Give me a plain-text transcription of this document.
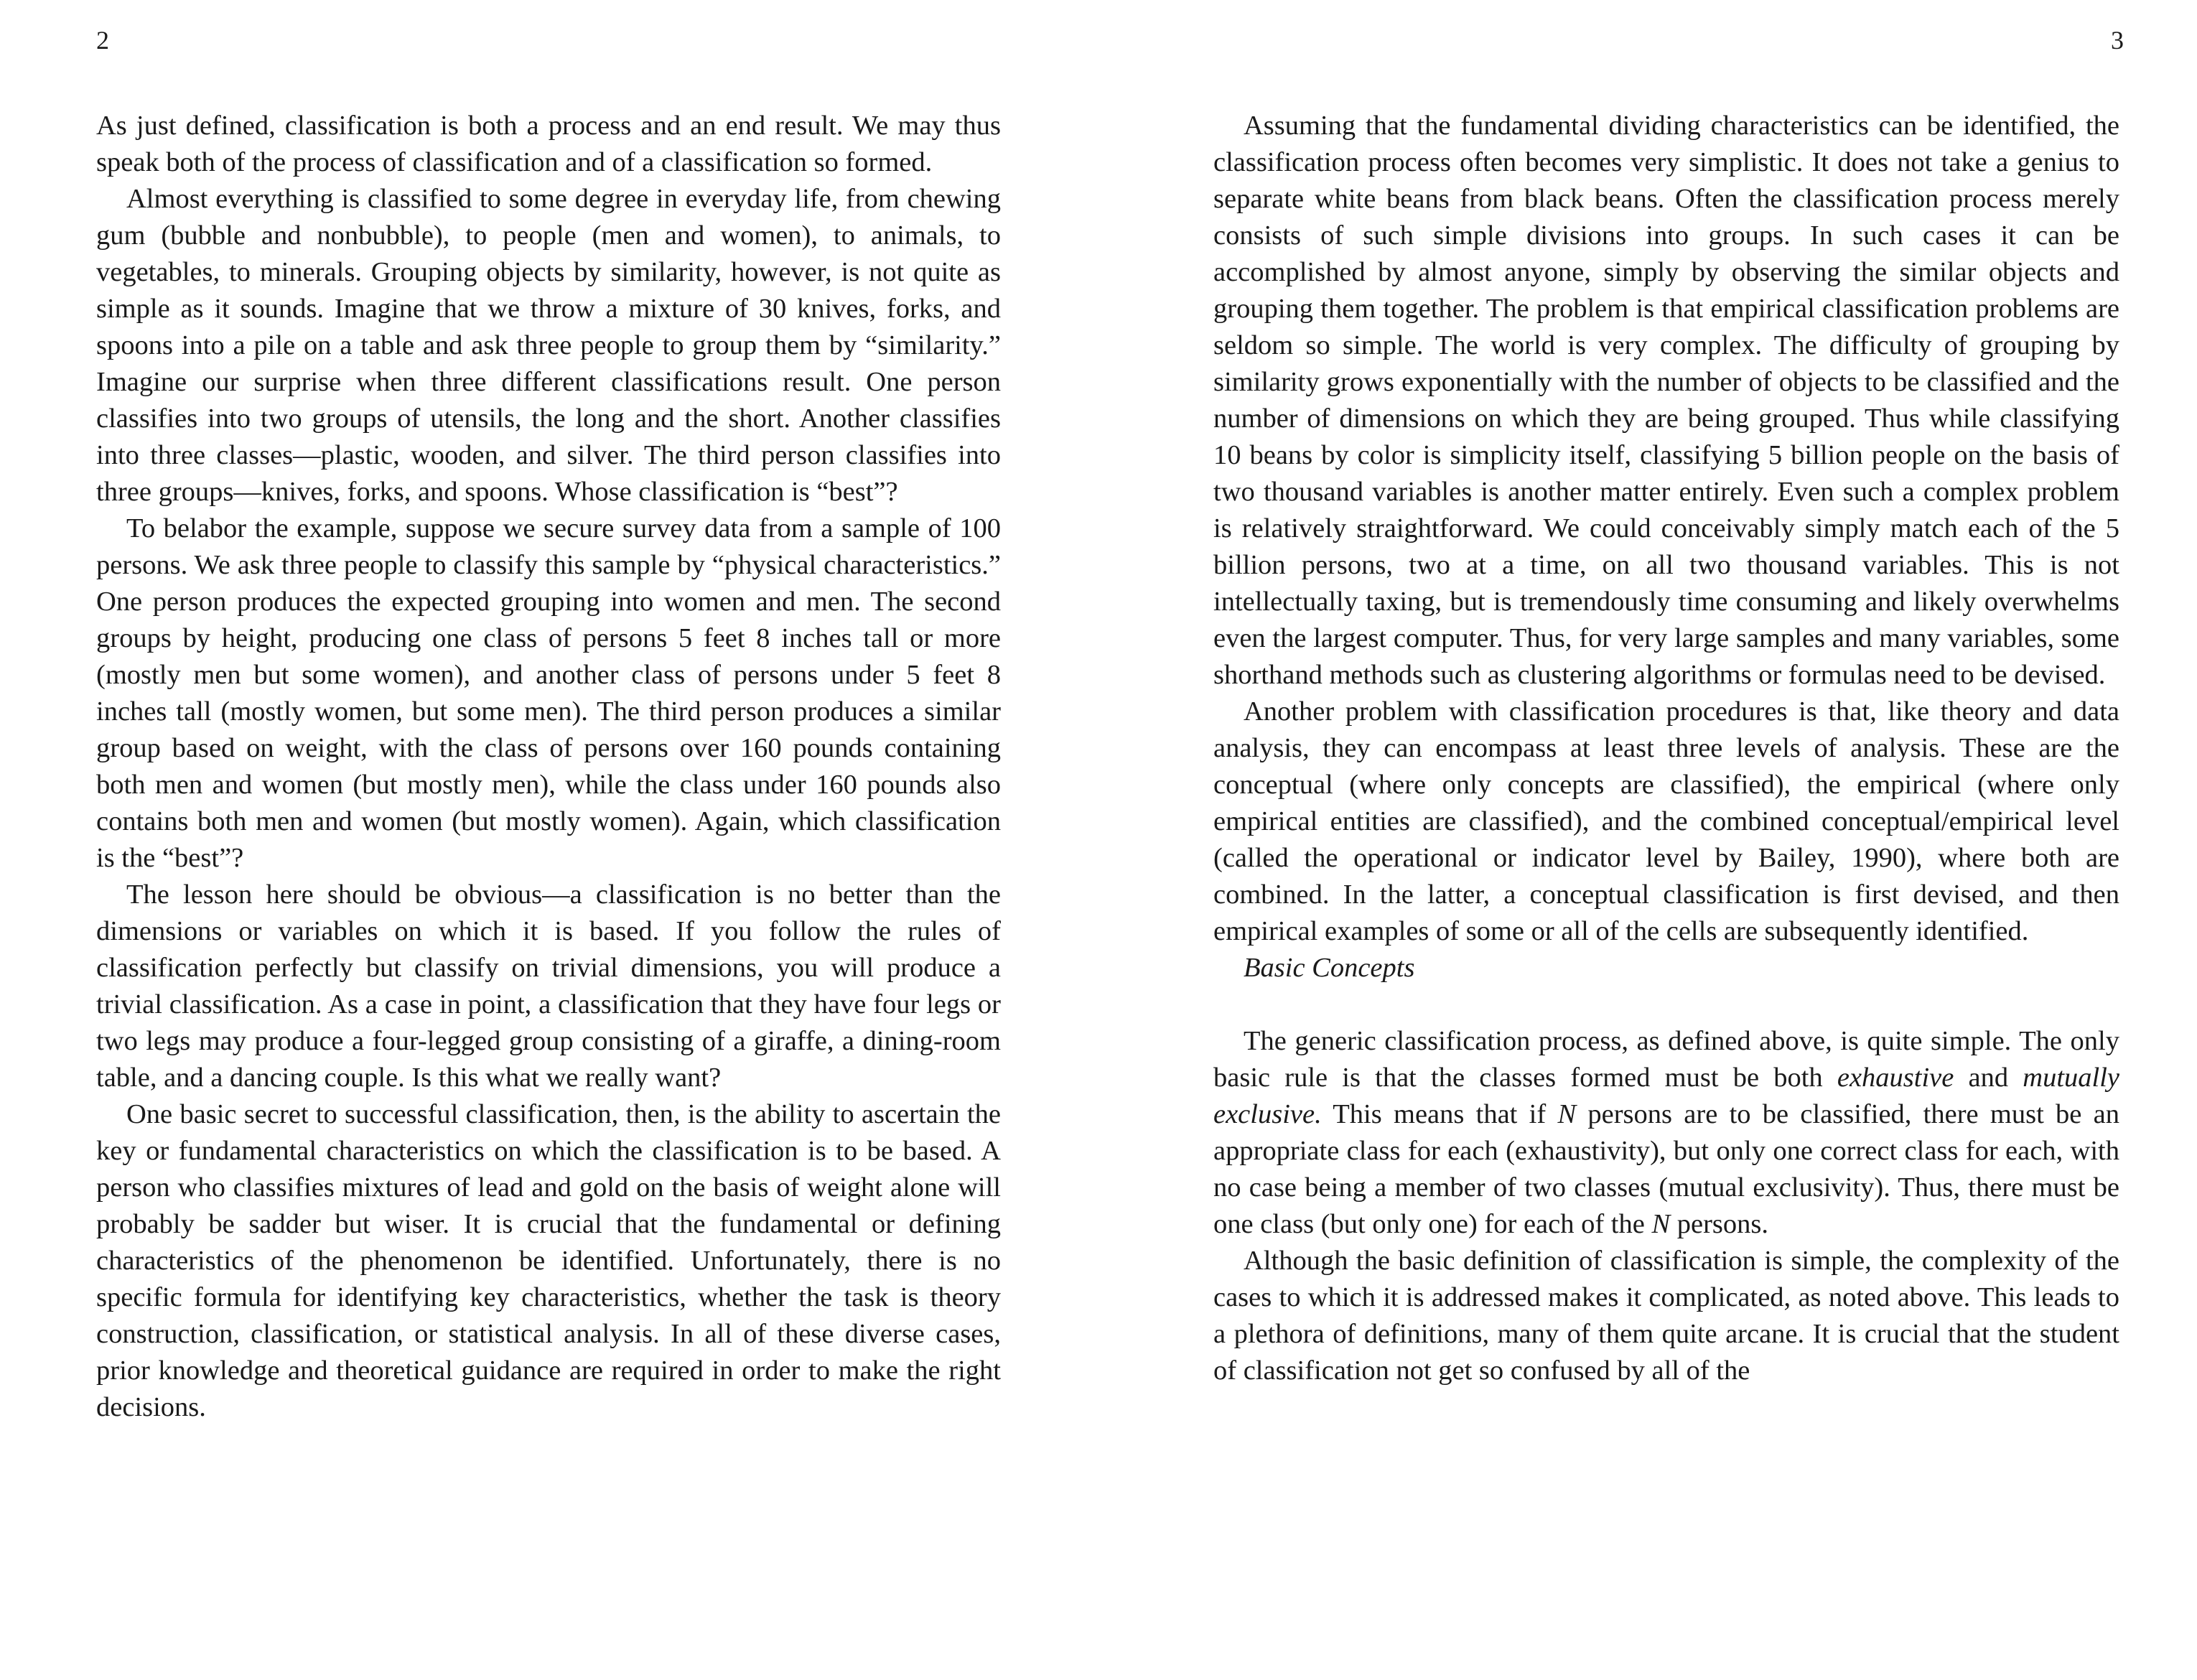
2	3

As just defined, classification is both a process and an end result. We may thus speak both of the process of classification and of a classification so formed.

Almost everything is classified to some degree in everyday life, from chewing gum (bubble and nonbubble), to people (men and women), to animals, to vegetables, to minerals. Grouping objects by similarity, however, is not quite as simple as it sounds. Imagine that we throw a mixture of 30 knives, forks, and spoons into a pile on a table and ask three people to group them by “similarity.” Imagine our surprise when three different classifications result. One person classifies into two groups of utensils, the long and the short. Another classifies into three classes—plastic, wooden, and silver. The third person classifies into three groups—knives, forks, and spoons. Whose classification is “best”?

To belabor the example, suppose we secure survey data from a sample of 100 persons. We ask three people to classify this sample by “physical characteristics.” One person produces the expected grouping into women and men. The second groups by height, producing one class of persons 5 feet 8 inches tall or more (mostly men but some women), and another class of persons under 5 feet 8 inches tall (mostly women, but some men). The third person produces a similar group based on weight, with the class of persons over 160 pounds containing both men and women (but mostly men), while the class under 160 pounds also contains both men and women (but mostly women). Again, which classification is the “best”?

The lesson here should be obvious—a classification is no better than the dimensions or variables on which it is based. If you follow the rules of classification perfectly but classify on trivial dimensions, you will produce a trivial classification. As a case in point, a classification that they have four legs or two legs may produce a four-legged group consisting of a giraffe, a dining-room table, and a dancing couple. Is this what we really want?

One basic secret to successful classification, then, is the ability to ascertain the key or fundamental characteristics on which the classification is to be based. A person who classifies mixtures of lead and gold on the basis of weight alone will probably be sadder but wiser. It is crucial that the fundamental or defining characteristics of the phenomenon be identified. Unfortunately, there is no specific formula for identifying key characteristics, whether the task is theory construction, classification, or statistical analysis. In all of these diverse cases, prior knowledge and theoretical guidance are required in order to make the right decisions.

Assuming that the fundamental dividing characteristics can be identified, the classification process often becomes very simplistic. It does not take a genius to separate white beans from black beans. Often the classification process merely consists of such simple divisions into groups. In such cases it can be accomplished by almost anyone, simply by observing the similar objects and grouping them together. The problem is that empirical classification problems are seldom so simple. The world is very complex. The difficulty of grouping by similarity grows exponentially with the number of objects to be classified and the number of dimensions on which they are being grouped. Thus while classifying 10 beans by color is simplicity itself, classifying 5 billion people on the basis of two thousand variables is another matter entirely. Even such a complex problem is relatively straightforward. We could conceivably simply match each of the 5 billion persons, two at a time, on all two thousand variables. This is not intellectually taxing, but is tremendously time consuming and likely overwhelms even the largest computer. Thus, for very large samples and many variables, some shorthand methods such as clustering algorithms or formulas need to be devised.

Another problem with classification procedures is that, like theory and data analysis, they can encompass at least three levels of analysis. These are the conceptual (where only concepts are classified), the empirical (where only empirical entities are classified), and the combined conceptual/empirical level (called the operational or indicator level by Bailey, 1990), where both are combined. In the latter, a conceptual classification is first devised, and then empirical examples of some or all of the cells are subsequently identified.

Basic Concepts

The generic classification process, as defined above, is quite simple. The only basic rule is that the classes formed must be both exhaustive and mutually exclusive. This means that if N persons are to be classified, there must be an appropriate class for each (exhaustivity), but only one correct class for each, with no case being a member of two classes (mutual exclusivity). Thus, there must be one class (but only one) for each of the N persons.

Although the basic definition of classification is simple, the complexity of the cases to which it is addressed makes it complicated, as noted above. This leads to a plethora of definitions, many of them quite arcane. It is crucial that the student of classification not get so confused by all of the
